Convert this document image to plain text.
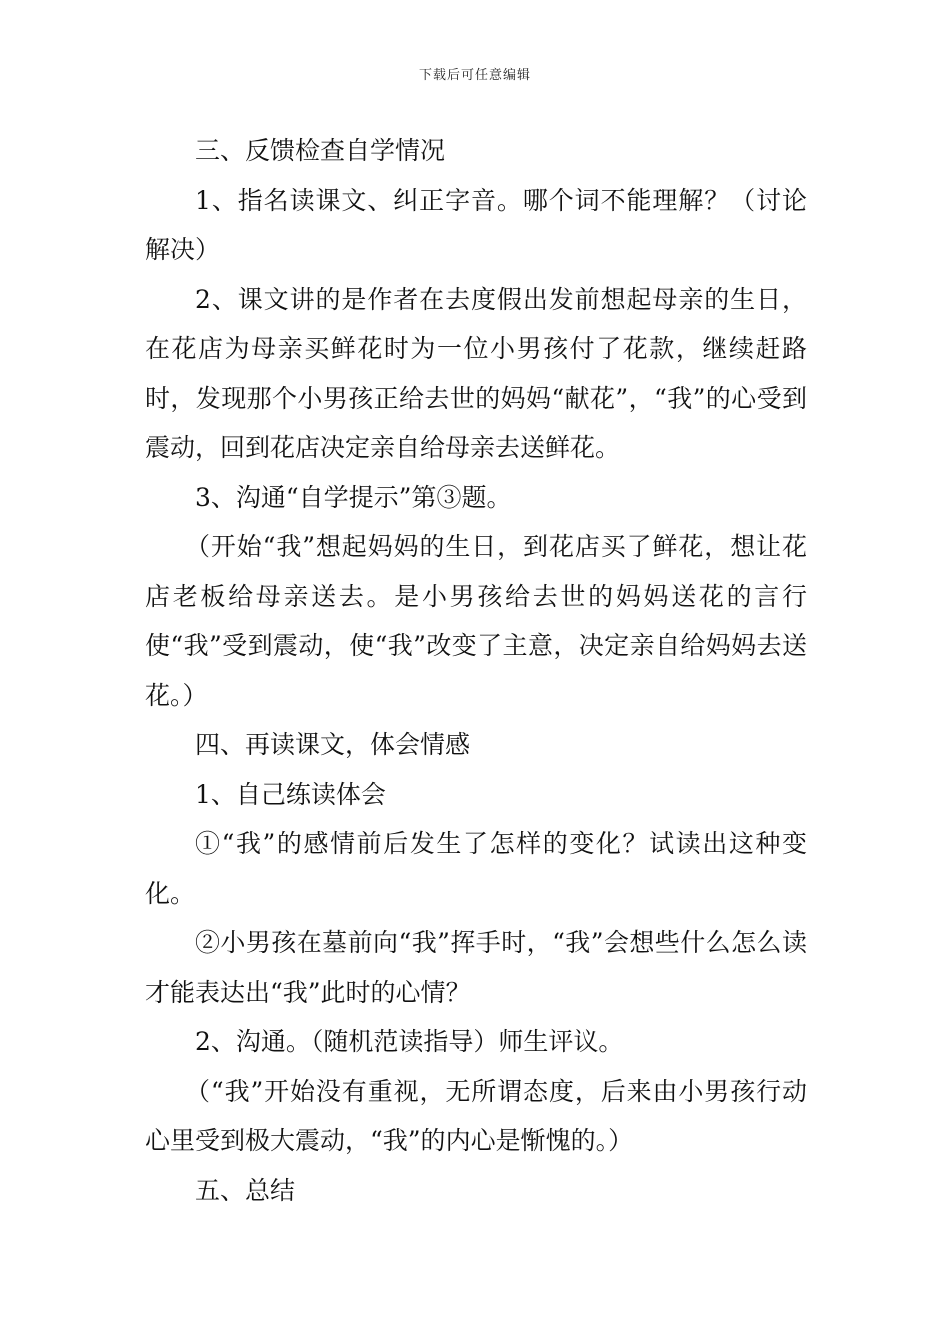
下载后可任意编辑

三、反馈检查自学情况

1、指名读课文、纠正字音。哪个词不能理解？（讨论解决）

2、课文讲的是作者在去度假出发前想起母亲的生日，在花店为母亲买鲜花时为一位小男孩付了花款，继续赶路时，发现那个小男孩正给去世的妈妈“献花”，“我”的心受到震动，回到花店决定亲自给母亲去送鲜花。

3、沟通“自学提示”第③题。

（开始“我”想起妈妈的生日，到花店买了鲜花，想让花店老板给母亲送去。是小男孩给去世的妈妈送花的言行使“我”受到震动，使“我”改变了主意，决定亲自给妈妈去送花。）

四、再读课文，体会情感

1、自己练读体会

①“我”的感情前后发生了怎样的变化？试读出这种变化。

②小男孩在墓前向“我”挥手时，“我”会想些什么怎么读才能表达出“我”此时的心情？

2、沟通。（随机范读指导）师生评议。

（“我”开始没有重视，无所谓态度，后来由小男孩行动心里受到极大震动，“我”的内心是惭愧的。）

五、总结
